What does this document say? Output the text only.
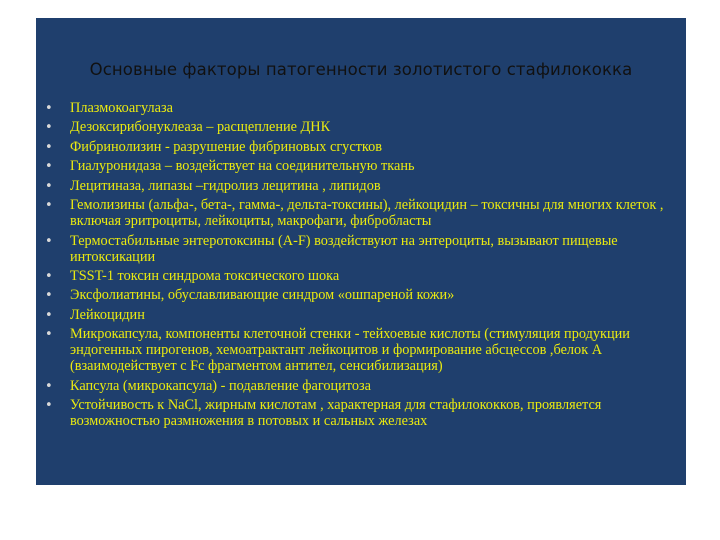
Основные факторы патогенности золотистого стафилококка
•	Плазмокоагулаза
•	Дезоксирибонуклеаза – расщепление ДНК
•	Фибринолизин - разрушение фибриновых сгустков
•	Гиалуронидаза – воздействует на соединительную ткань
•	Лецитиназа, липазы –гидролиз лецитина , липидов
•	Гемолизины (альфа-, бета-, гамма-, дельта-токсины), лейкоцидин – токсичны для многих клеток , включая эритроциты, лейкоциты, макрофаги, фибробласты
•	Термостабильные энтеротоксины (A-F) воздействуют на энтероциты, вызывают пищевые интоксикации
•	TSST-1 токсин синдрома токсического шока
•	Эксфолиатины, обуславливающие синдром «ошпареной кожи»
•	Лейкоцидин
•	Микрокапсула, компоненты клеточной стенки - тейхоевые кислоты (стимуляция продукции эндогенных пирогенов, хемоатрактант лейкоцитов и формирование абсцессов ,белок А (взаимодействует с Fc фрагментом антител, сенсибилизация)
•	Капсула (микрокапсула) - подавление фагоцитоза
•	Устойчивость к NaCl, жирным кислотам , характерная для стафилококков, проявляется возможностью размножения в потовых и сальных железах
